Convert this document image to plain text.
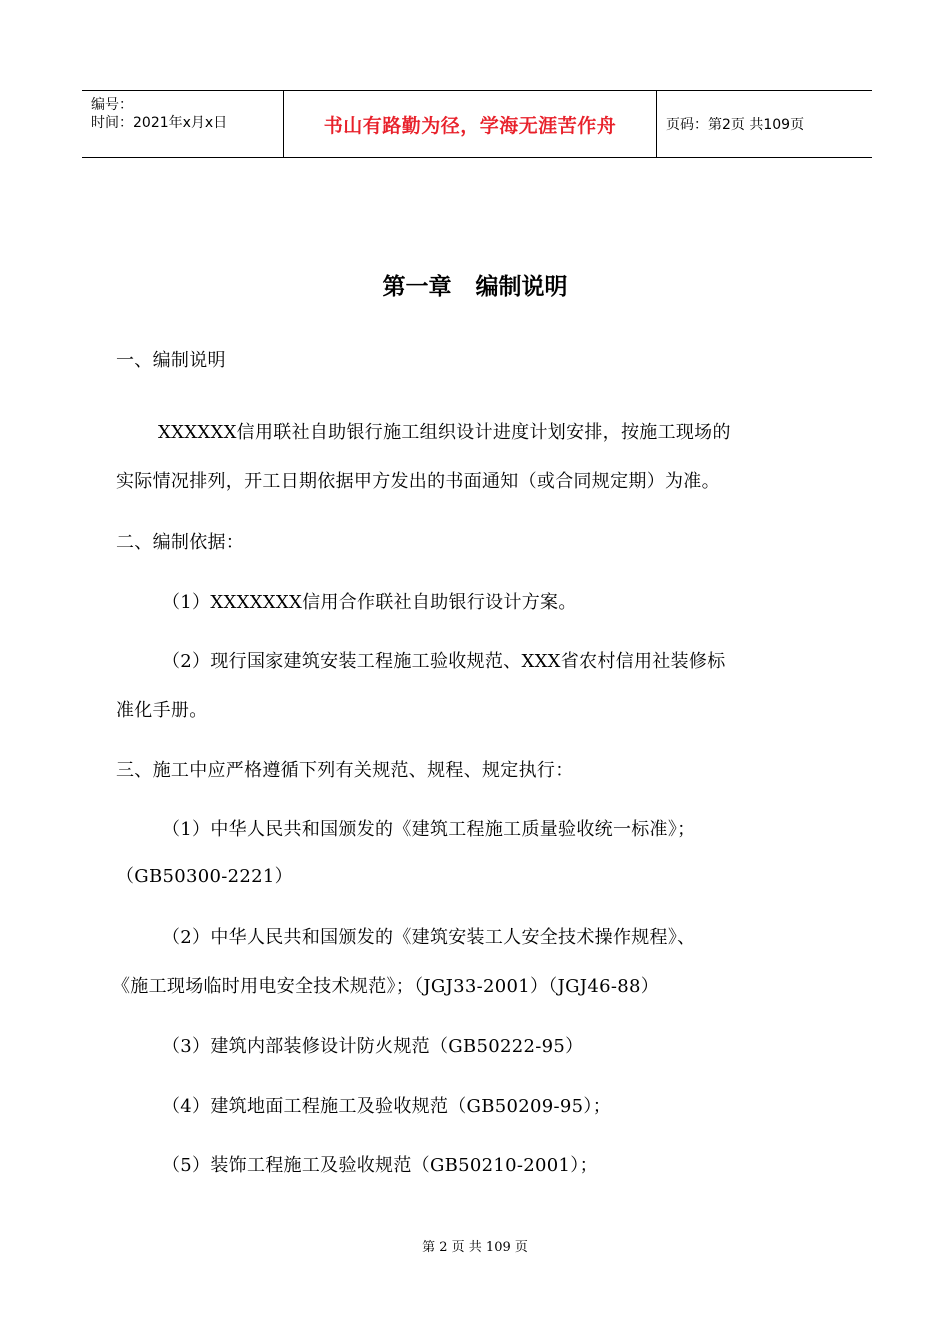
编号：
时间：2021年x月x日	书山有路勤为径，学海无涯苦作舟	页码：第2页 共109页
第一章   编制说明
一、编制说明
XXXXXX信用联社自助银行施工组织设计进度计划安排，按施工现场的
实际情况排列，开工日期依据甲方发出的书面通知（或合同规定期）为准。
二、编制依据：
（1）XXXXXXX信用合作联社自助银行设计方案。
（2）现行国家建筑安装工程施工验收规范、XXX省农村信用社装修标
准化手册。
三、施工中应严格遵循下列有关规范、规程、规定执行：
（1）中华人民共和国颁发的《建筑工程施工质量验收统一标准》；
（GB50300-2221）
（2）中华人民共和国颁发的《建筑安装工人安全技术操作规程》、
《施工现场临时用电安全技术规范》；（JGJ33-2001）（JGJ46-88）
（3）建筑内部装修设计防火规范（GB50222-95）
（4）建筑地面工程施工及验收规范（GB50209-95）；
（5）装饰工程施工及验收规范（GB50210-2001）；
第 2 页 共 109 页
